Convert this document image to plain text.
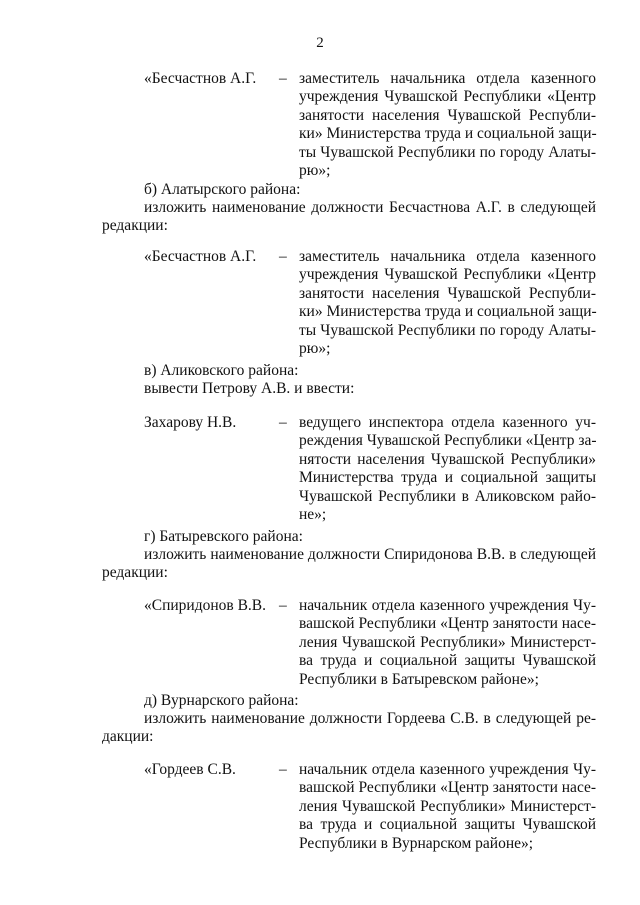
2
«Бесчастнов А.Г. – заместитель начальника отдела казенного
учреждения Чувашской Республики «Центр
занятости населения Чувашской Республи-
ки» Министерства труда и социальной защи-
ты Чувашской Республики по городу Алаты-
рю»;
б) Алатырского района:
изложить наименование должности Бесчастнова А.Г. в следующей
редакции:
«Бесчастнов А.Г. – заместитель начальника отдела казенного
учреждения Чувашской Республики «Центр
занятости населения Чувашской Республи-
ки» Министерства труда и социальной защи-
ты Чувашской Республики по городу Алаты-
рю»;
в) Аликовского района:
вывести Петрову А.В. и ввести:
Захарову Н.В.	– ведущего инспектора отдела казенного уч-
реждения Чувашской Республики «Центр за-
нятости населения Чувашской Республики»
Министерства труда и социальной защиты
Чувашской Республики в Аликовском райо-
не»;
г) Батыревского района:
изложить наименование должности Спиридонова В.В. в следующей
редакции:
«Спиридонов В.В. – начальник отдела казенного учреждения Чу-
вашской Республики «Центр занятости насе-
ления Чувашской Республики» Министерст-
ва труда и социальной защиты Чувашской
Республики в Батыревском районе»;
д) Вурнарского района:
изложить наименование должности Гордеева С.В. в следующей ре-
дакции:
«Гордеев С.В.	– начальник отдела казенного учреждения Чу-
вашской Республики «Центр занятости насе-
ления Чувашской Республики» Министерст-
ва труда и социальной защиты Чувашской
Республики в Вурнарском районе»;
